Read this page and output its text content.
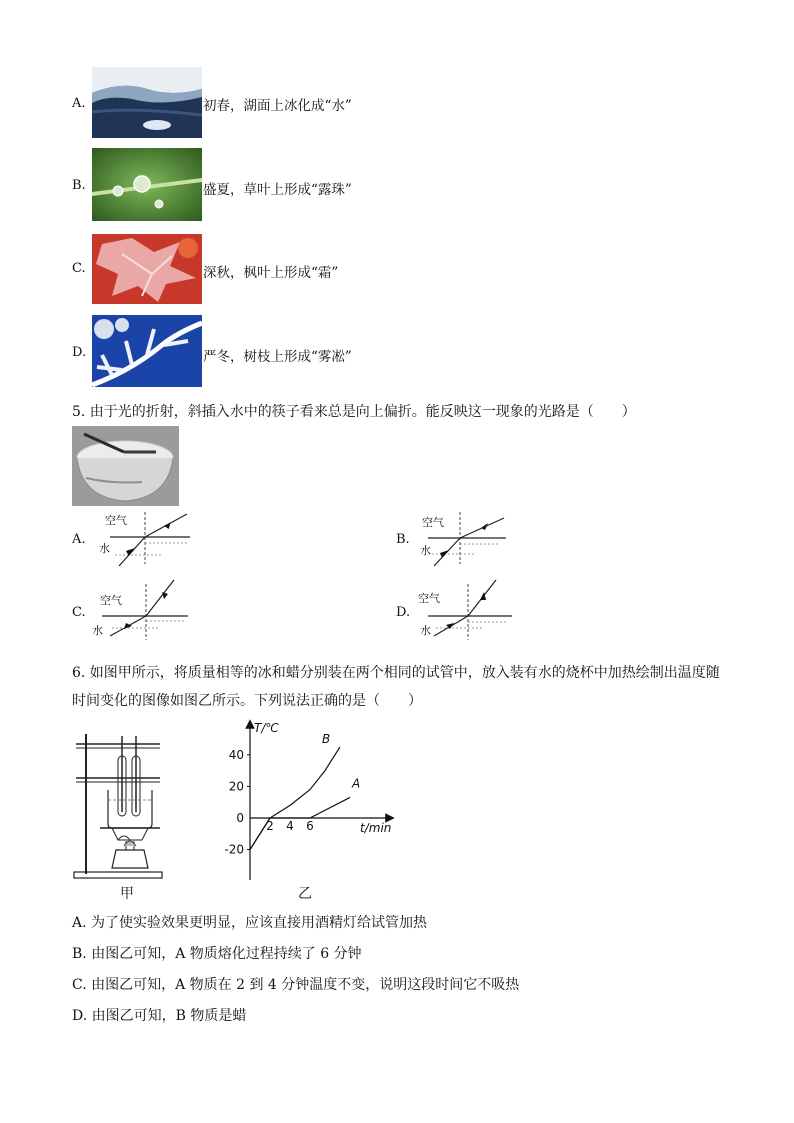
A.	初春，湖面上冰化成“水”
B.	盛夏，草叶上形成“露珠”
C.	深秋，枫叶上形成“霜”
D.	严冬，树枝上形成“雾凇”
5. 由于光的折射，斜插入水中的筷子看来总是向上偏折。能反映这一现象的光路是（　　）
A.
空气
水
B.
空气
水
C.
空气
水
D.
空气
水
6. 如图甲所示，将质量相等的冰和蜡分别装在两个相同的试管中，放入装有水的烧杯中加热绘制出温度随
时间变化的图像如图乙所示。下列说法正确的是（　　）
甲
-20
0
20
40
2 4 6
A
B
T/℃
t/min
乙
A. 为了使实验效果更明显，应该直接用酒精灯给试管加热
B. 由图乙可知，A 物质熔化过程持续了 6 分钟
C. 由图乙可知，A 物质在 2 到 4 分钟温度不变，说明这段时间它不吸热
D. 由图乙可知，B 物质是蜡
